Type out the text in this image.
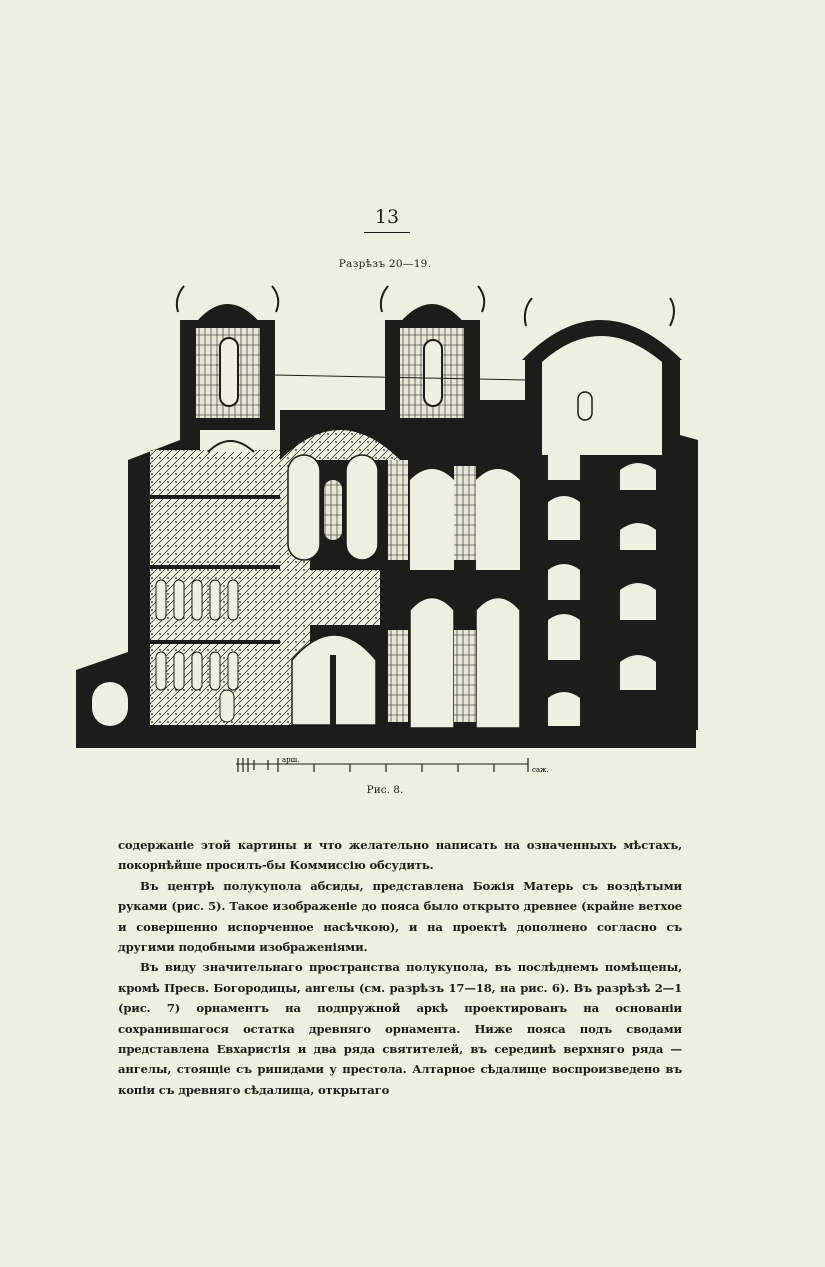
13
Разрѣзъ 20—19.
арш.
саж.
Рис. 8.

содержаніе этой картины и что желательно написать на означенныхъ мѣстахъ, покорнѣйше просилъ-бы Коммиссію обсудить.

Въ центрѣ полукупола абсиды, представлена Божія Матерь съ воздѣтыми руками (рис. 5). Такое изображеніе до пояса было открыто древнее (крайне ветхое и совершенно испорченное насѣчкою), и на проектѣ дополнено согласно съ другими подобными изображеніями.

Въ виду значительнаго пространства полукупола, въ послѣднемъ помѣщены, кромѣ Пресв. Богородицы, ангелы (см. разрѣзъ 17—18, на рис. 6). Въ разрѣзѣ 2—1 (рис. 7) орнаментъ на подпружной аркѣ проектированъ на основаніи сохранившагося остатка древняго орнамента. Ниже пояса подъ сводами представлена Евхаристія и два ряда святителей, въ серединѣ верхняго ряда — ангелы, стоящіе съ рипидами у престола. Алтарное сѣдалище воспроизведено въ копіи съ древняго сѣдалища, открытаго
